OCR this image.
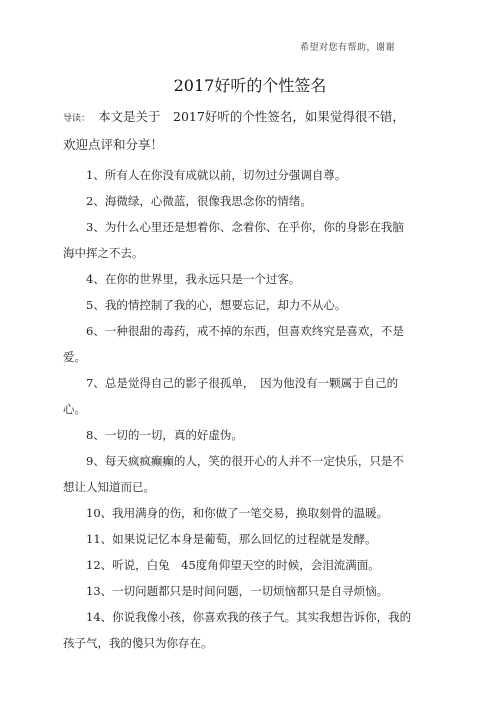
希望对您有帮助，谢谢
2017好听的个性签名

导读： 本文是关于　2017好听的个性签名，如果觉得很不错，欢迎点评和分享！

1、所有人在你没有成就以前，切勿过分强调自尊。
2、海微绿，心微蓝，很像我思念你的情绪。
3、为什么心里还是想着你、念着你、在乎你，你的身影在我脑海中挥之不去。
4、在你的世界里，我永远只是一个过客。
5、我的情控制了我的心，想要忘记，却力不从心。
6、一种很甜的毒药，戒不掉的东西，但喜欢终究是喜欢，不是爱。
7、总是觉得自己的影子很孤单，　因为他没有一颗属于自己的心。
8、一切的一切，真的好虚伪。
9、每天疯疯癫癫的人，笑的很开心的人并不一定快乐，只是不想让人知道而已。
10、我用满身的伤，和你做了一笔交易，换取刻骨的温暖。
11、如果说记忆本身是葡萄，那么回忆的过程就是发酵。
12、听说，白兔　45度角仰望天空的时候，会泪流满面。
13、一切问题都只是时间问题，一切烦恼都只是自寻烦恼。
14、你说我像小孩，你喜欢我的孩子气。其实我想告诉你，我的孩子气，我的傻只为你存在。
